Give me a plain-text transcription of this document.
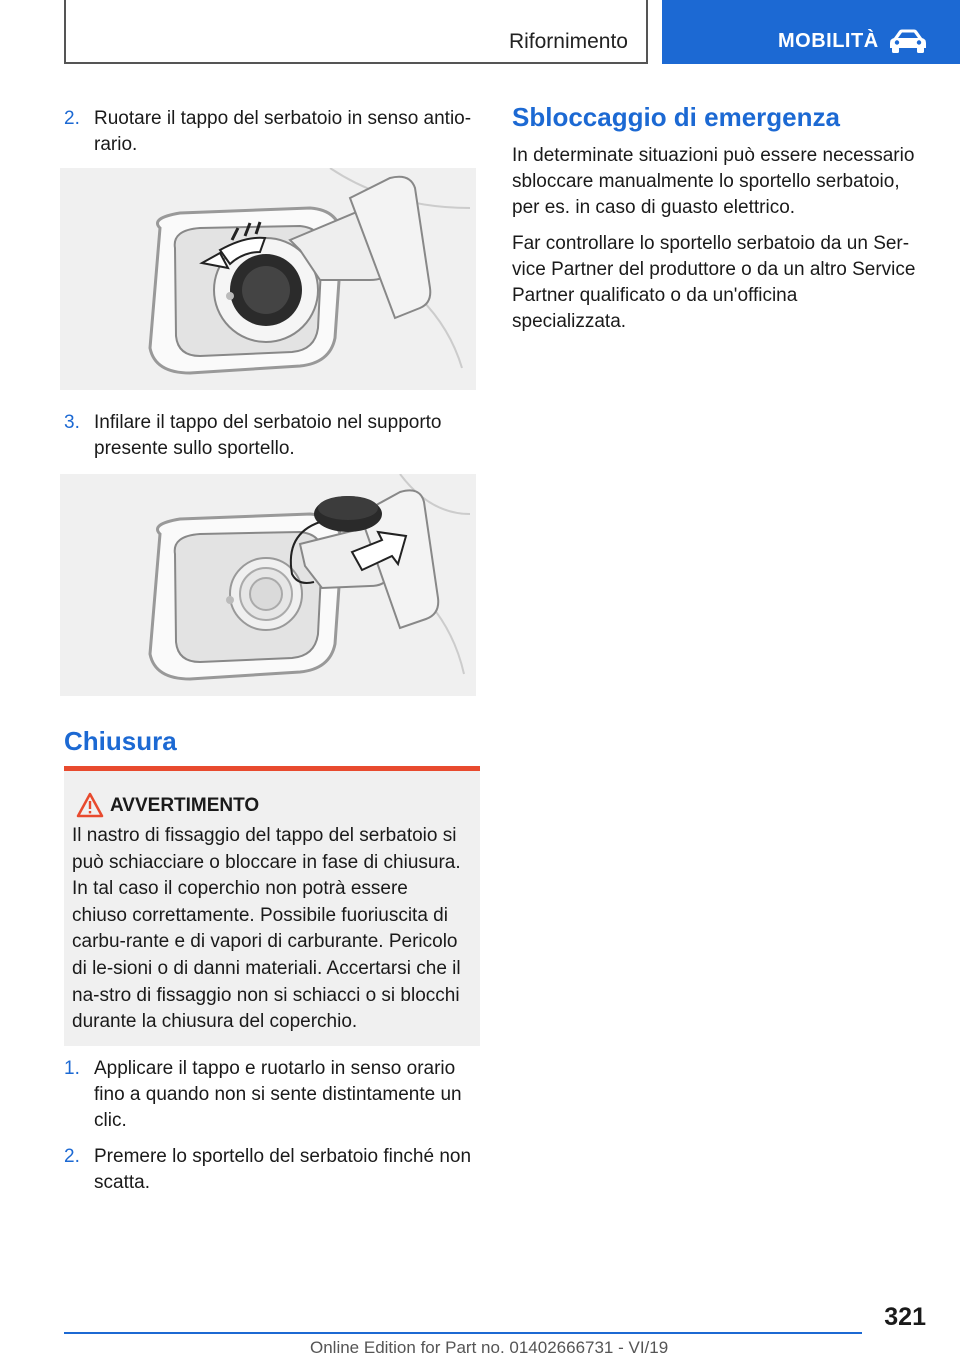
Rifornimento	MOBILITÀ
2. Ruotare il tappo del serbatoio in senso antio-rario.
3. Infilare il tappo del serbatoio nel supporto presente sullo sportello.
Chiusura
AVVERTIMENTO
Il nastro di fissaggio del tappo del serbatoio si può schiacciare o bloccare in fase di chiusura. In tal caso il coperchio non potrà essere chiuso correttamente. Possibile fuoriuscita di carbu-rante e di vapori di carburante. Pericolo di le-sioni o di danni materiali. Accertarsi che il na-stro di fissaggio non si schiacci o si blocchi durante la chiusura del coperchio.
1. Applicare il tappo e ruotarlo in senso orario fino a quando non si sente distintamente un clic.
2. Premere lo sportello del serbatoio finché non scatta.
Sbloccaggio di emergenza

In determinate situazioni può essere necessario sbloccare manualmente lo sportello serbatoio, per es. in caso di guasto elettrico.

Far controllare lo sportello serbatoio da un Ser-vice Partner del produttore o da un altro Service Partner qualificato o da un'officina specializzata.

321
Online Edition for Part no. 01402666731 - VI/19
